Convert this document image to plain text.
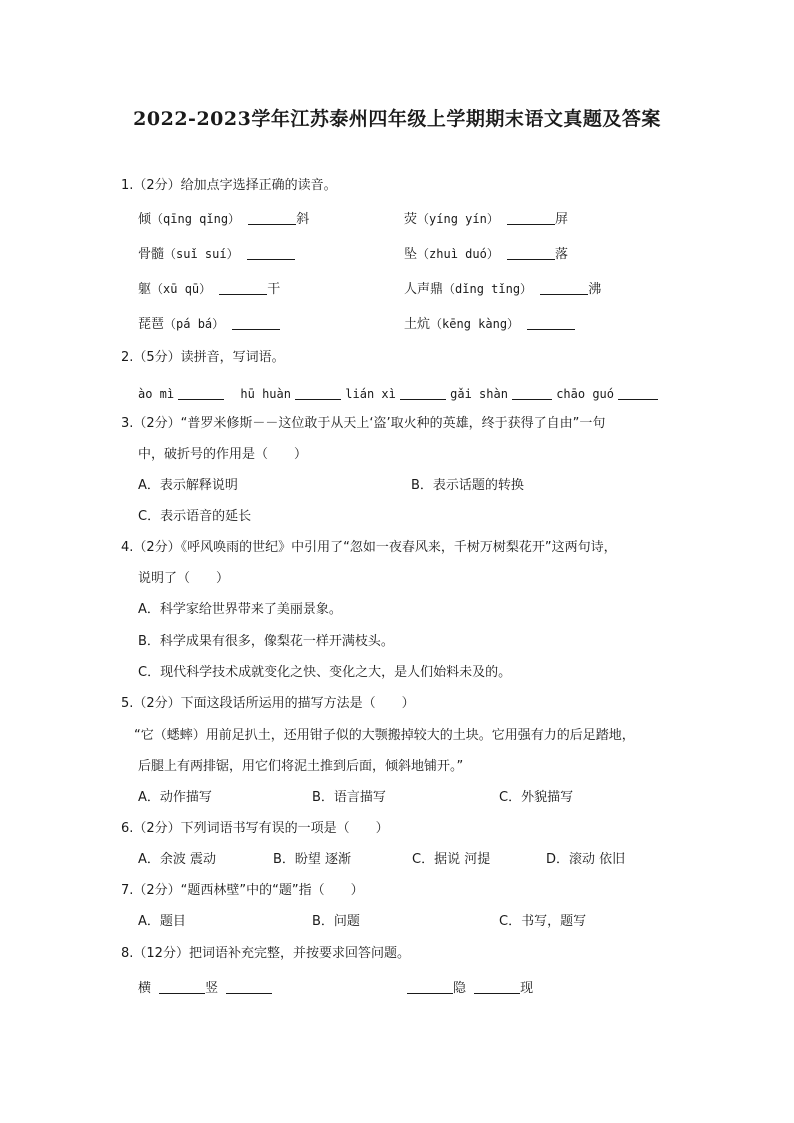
2022-2023学年江苏泰州四年级上学期期末语文真题及答案
1.（2分）给加点字选择正确的读音。
倾（qīng qǐng）	斜	荧（yíng yín）	屏
骨髓（suǐ suí）	坠（zhuì duó）	落
躯（xū qū）	干	人声鼎（dǐng tǐng）	沸
琵琶（pá bá）	土炕（kēng kàng）
2.（5分）读拼音，写词语。
ào mì	hū huàn	lián xì	gǎi shàn	chāo guó
3.（2分）“普罗米修斯－－这位敢于从天上‘盗’取火种的英雄，终于获得了自由”一句
中，破折号的作用是（　　）
A．表示解释说明	B．表示话题的转换
C．表示语音的延长
4.（2分）《呼风唤雨的世纪》中引用了“忽如一夜春风来，千树万树梨花开”这两句诗，
说明了（　　）
A．科学家给世界带来了美丽景象。
B．科学成果有很多，像梨花一样开满枝头。
C．现代科学技术成就变化之快、变化之大，是人们始料未及的。
5.（2分）下面这段话所运用的描写方法是（　　）
“它（蟋蟀）用前足扒土，还用钳子似的大颚搬掉较大的土块。它用强有力的后足踏地，
后腿上有两排锯，用它们将泥土推到后面，倾斜地铺开。”
A．动作描写	B．语言描写	C．外貌描写
6.（2分）下列词语书写有误的一项是（　　）
A．余波 震动	B．盼望 逐渐	C．据说 河提	D．滚动 依旧
7.（2分）“题西林壁”中的“题”指（　　）
A．题目	B．问题	C．书写，题写
8.（12分）把词语补充完整，并按要求回答问题。
横	竖	隐	现
